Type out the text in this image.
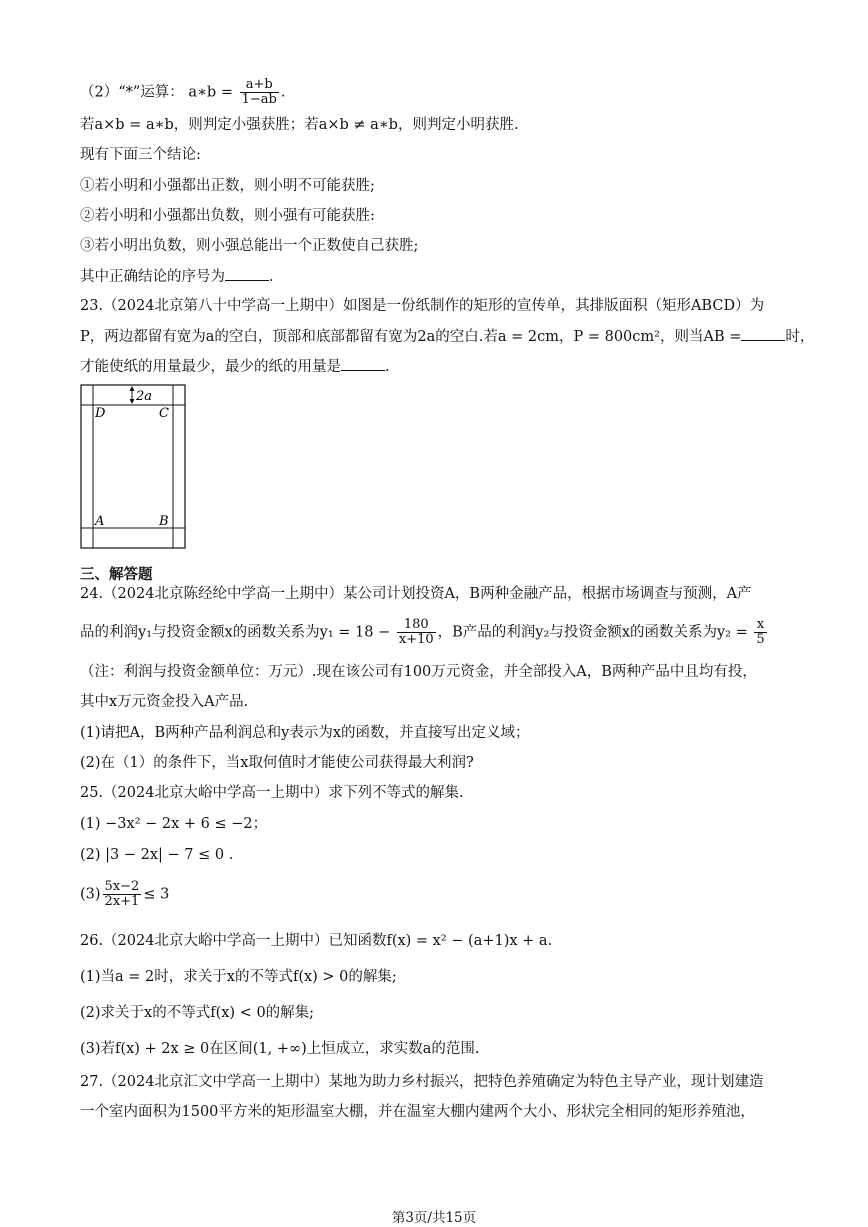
（2）“*”运算： a∗b = $\frac{a+b}{1-ab}$ .
若a×b = a∗b，则判定小强获胜；若a×b ≠ a∗b，则判定小明获胜.
现有下面三个结论:
①若小明和小强都出正数，则小明不可能获胜;
②若小明和小强都出负数，则小强有可能获胜:
③若小明出负数，则小强总能出一个正数使自己获胜;
其中正确结论的序号为	.
23.（2024北京第八十中学高一上期中）如图是一份纸制作的矩形的宣传单，其排版面积（矩形ABCD）为
P，两边都留有宽为a的空白，顶部和底部都留有宽为2a的空白.若a = 2cm，P = 800cm²，则当AB =	时，
才能使纸的用量最少，最少的纸的用量是	.
2a
D	C
A	B
三、解答题
24.（2024北京陈经纶中学高一上期中）某公司计划投资A，B两种金融产品，根据市场调查与预测，A产
品的利润y₁与投资金额x的函数关系为$y_1 = 18 - \frac{180}{x+10}$ ，B产品的利润y₂与投资金额x的函数关系为$y_2 = \frac{x}{5}$
（注：利润与投资金额单位：万元）.现在该公司有100万元资金，并全部投入A，B两种产品中且均有投，
其中x万元资金投入A产品.
(1)请把A，B两种产品利润总和y表示为x的函数，并直接写出定义域；
(2)在（1）的条件下，当x取何值时才能使公司获得最大利润?
25.（2024北京大峪中学高一上期中）求下列不等式的解集.
(1) −3x² − 2x + 6 ≤ −2；
(2) |3 − 2x| − 7 ≤ 0 .
$(3) \frac{5x-2}{2x+1} \le 3$
26.（2024北京大峪中学高一上期中）已知函数f(x) = x² − (a+1)x + a.
(1)当a = 2时，求关于x的不等式f(x) > 0的解集;
(2)求关于x的不等式f(x) < 0的解集;
(3)若f(x) + 2x ≥ 0在区间(1, +∞)上恒成立，求实数a的范围.
27.（2024北京汇文中学高一上期中）某地为助力乡村振兴，把特色养殖确定为特色主导产业，现计划建造
一个室内面积为1500平方米的矩形温室大棚，并在温室大棚内建两个大小、形状完全相同的矩形养殖池，
第3页/共15页
